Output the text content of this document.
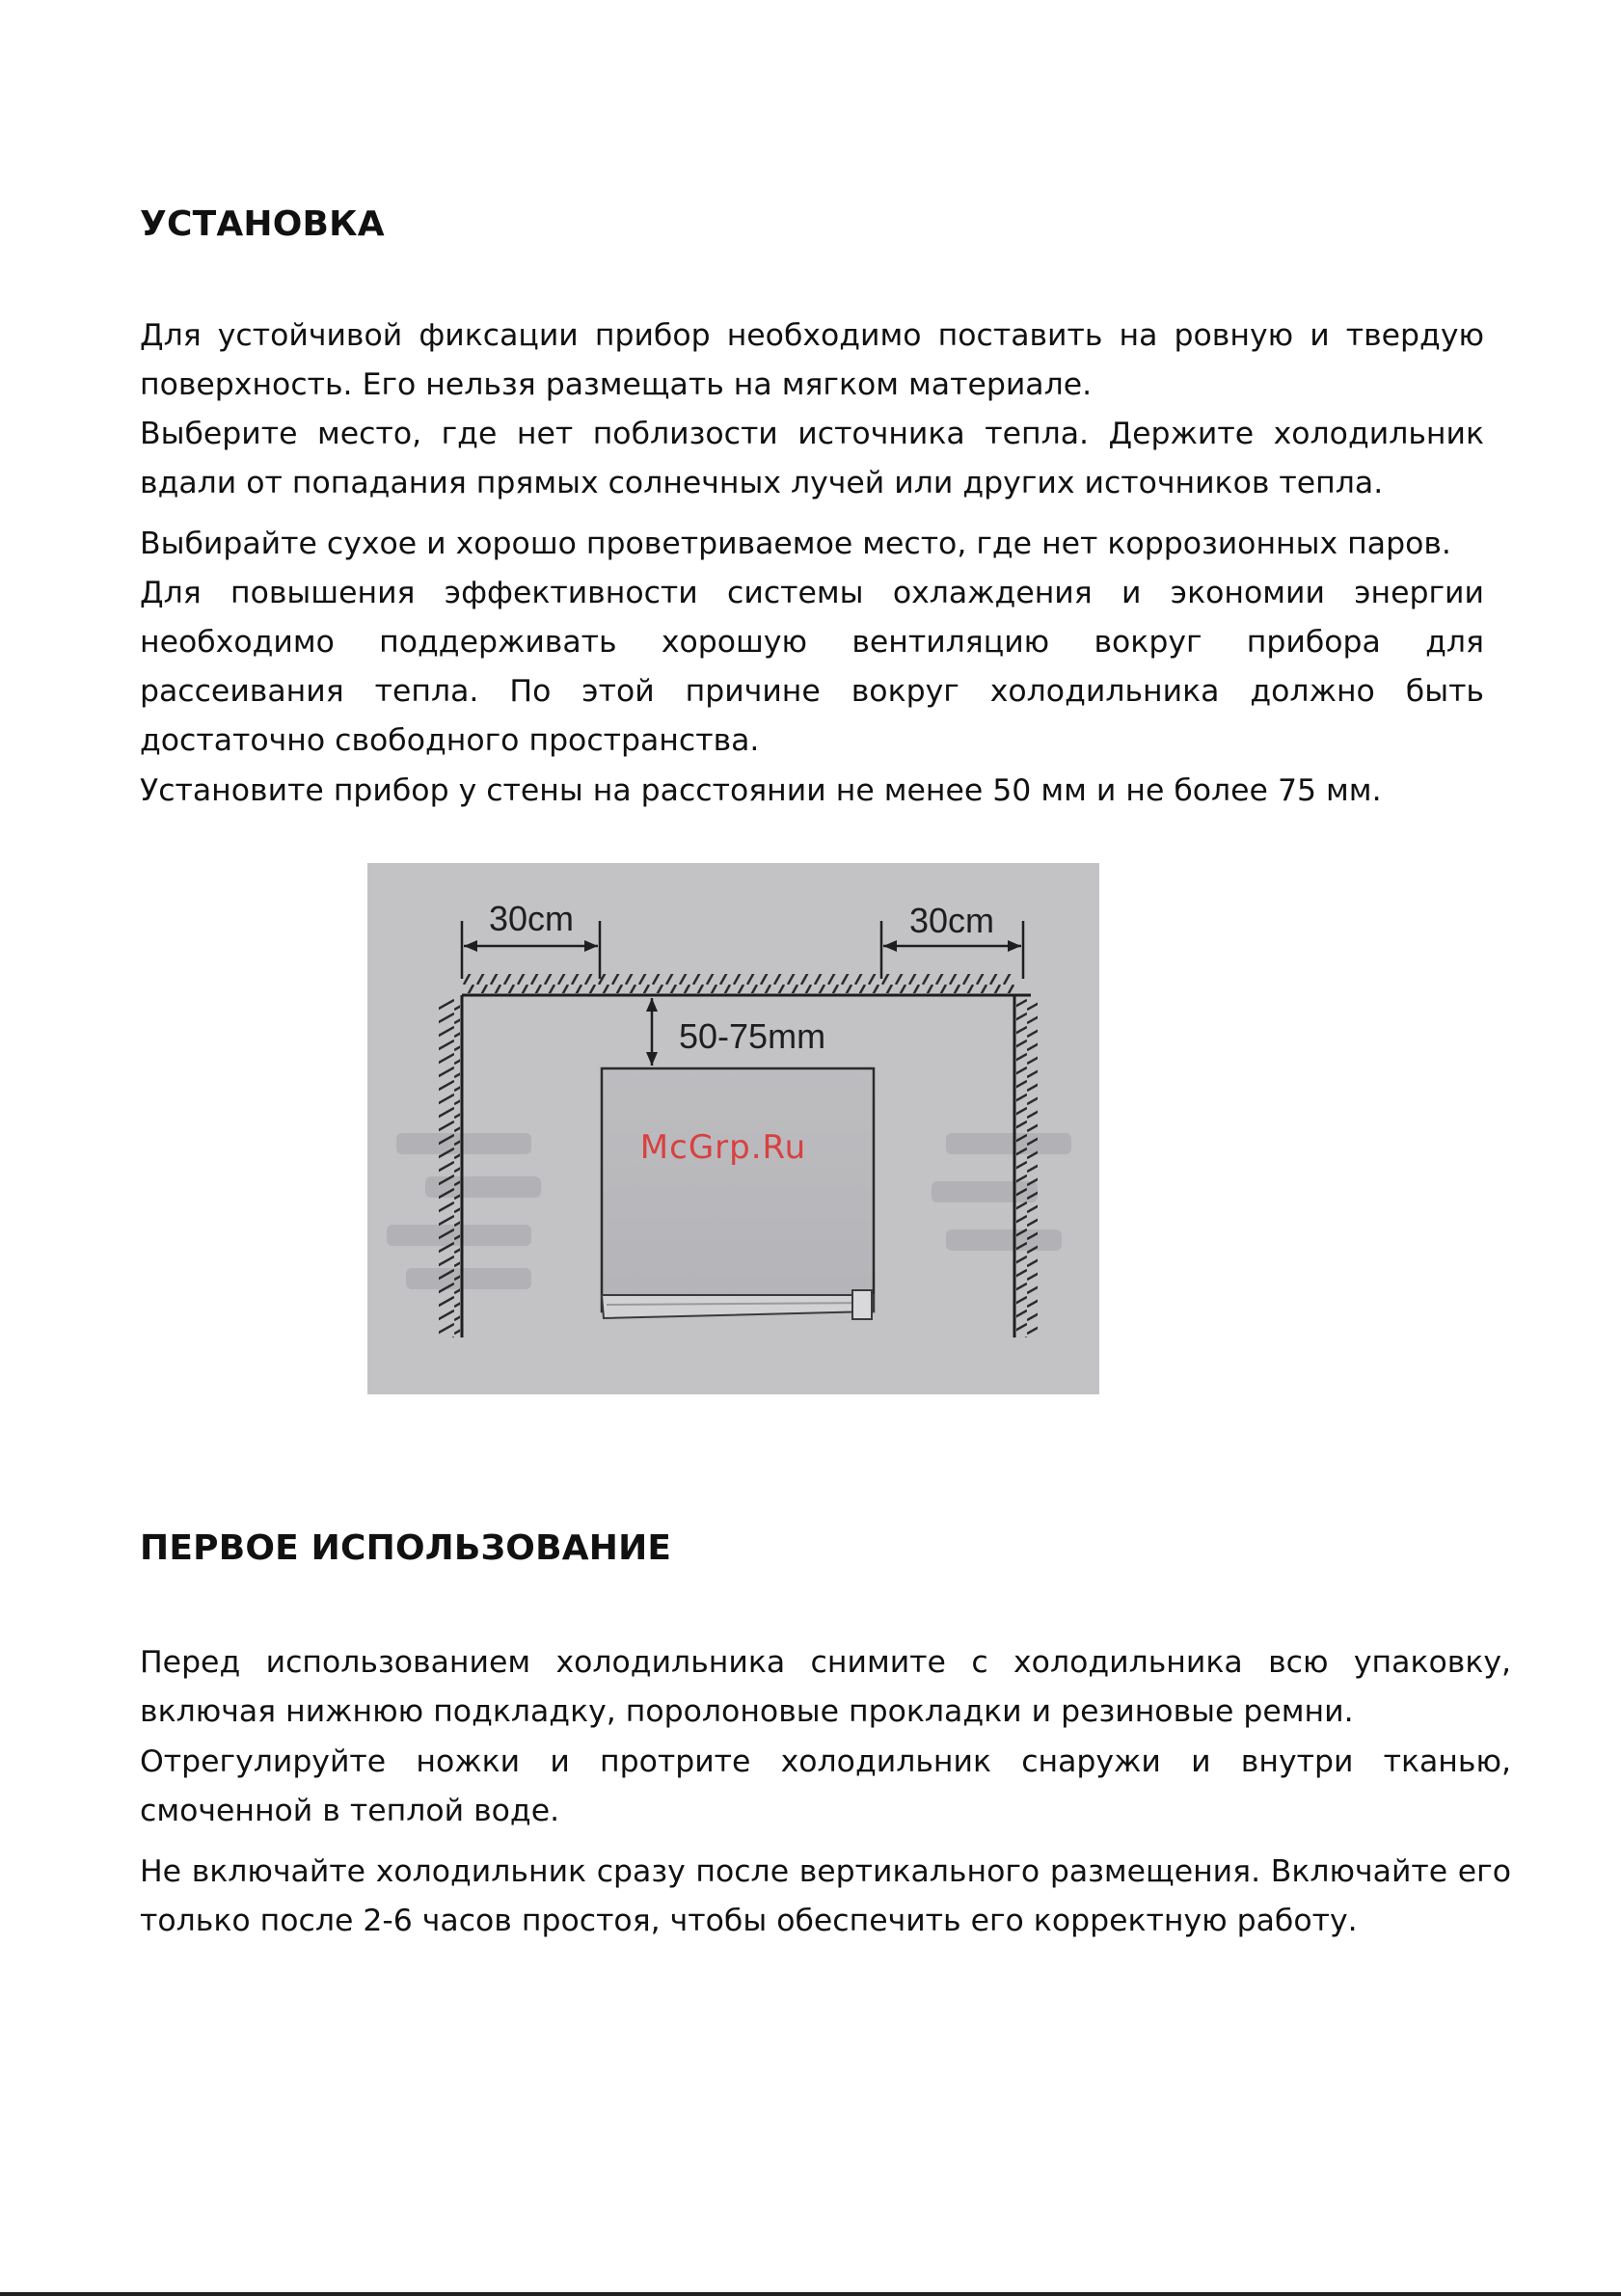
УСТАНОВКА

Для устойчивой фиксации прибор необходимо поставить на ровную и твердую поверхность. Его нельзя размещать на мягком материале.

Выберите место, где нет поблизости источника тепла. Держите холодильник вдали от попадания прямых солнечных лучей или других источников тепла.

Выбирайте сухое и хорошо проветриваемое место, где нет коррозионных паров.

Для повышения эффективности системы охлаждения и экономии энергии необходимо поддерживать хорошую вентиляцию вокруг прибора для рассеивания тепла. По этой причине вокруг холодильника должно быть достаточно свободного пространства.

Установите прибор у стены на расстоянии не менее 50 мм и не более 75 мм.

30cm	30cm
50-75mm
McGrp.Ru
ПЕРВОЕ ИСПОЛЬЗОВАНИЕ

Перед использованием холодильника снимите с холодильника всю упаковку, включая нижнюю подкладку, поролоновые прокладки и резиновые ремни.

Отрегулируйте ножки и протрите холодильник снаружи и внутри тканью, смоченной в теплой воде.

Не включайте холодильник сразу после вертикального размещения. Включайте его только после 2-6 часов простоя, чтобы обеспечить его корректную работу.
